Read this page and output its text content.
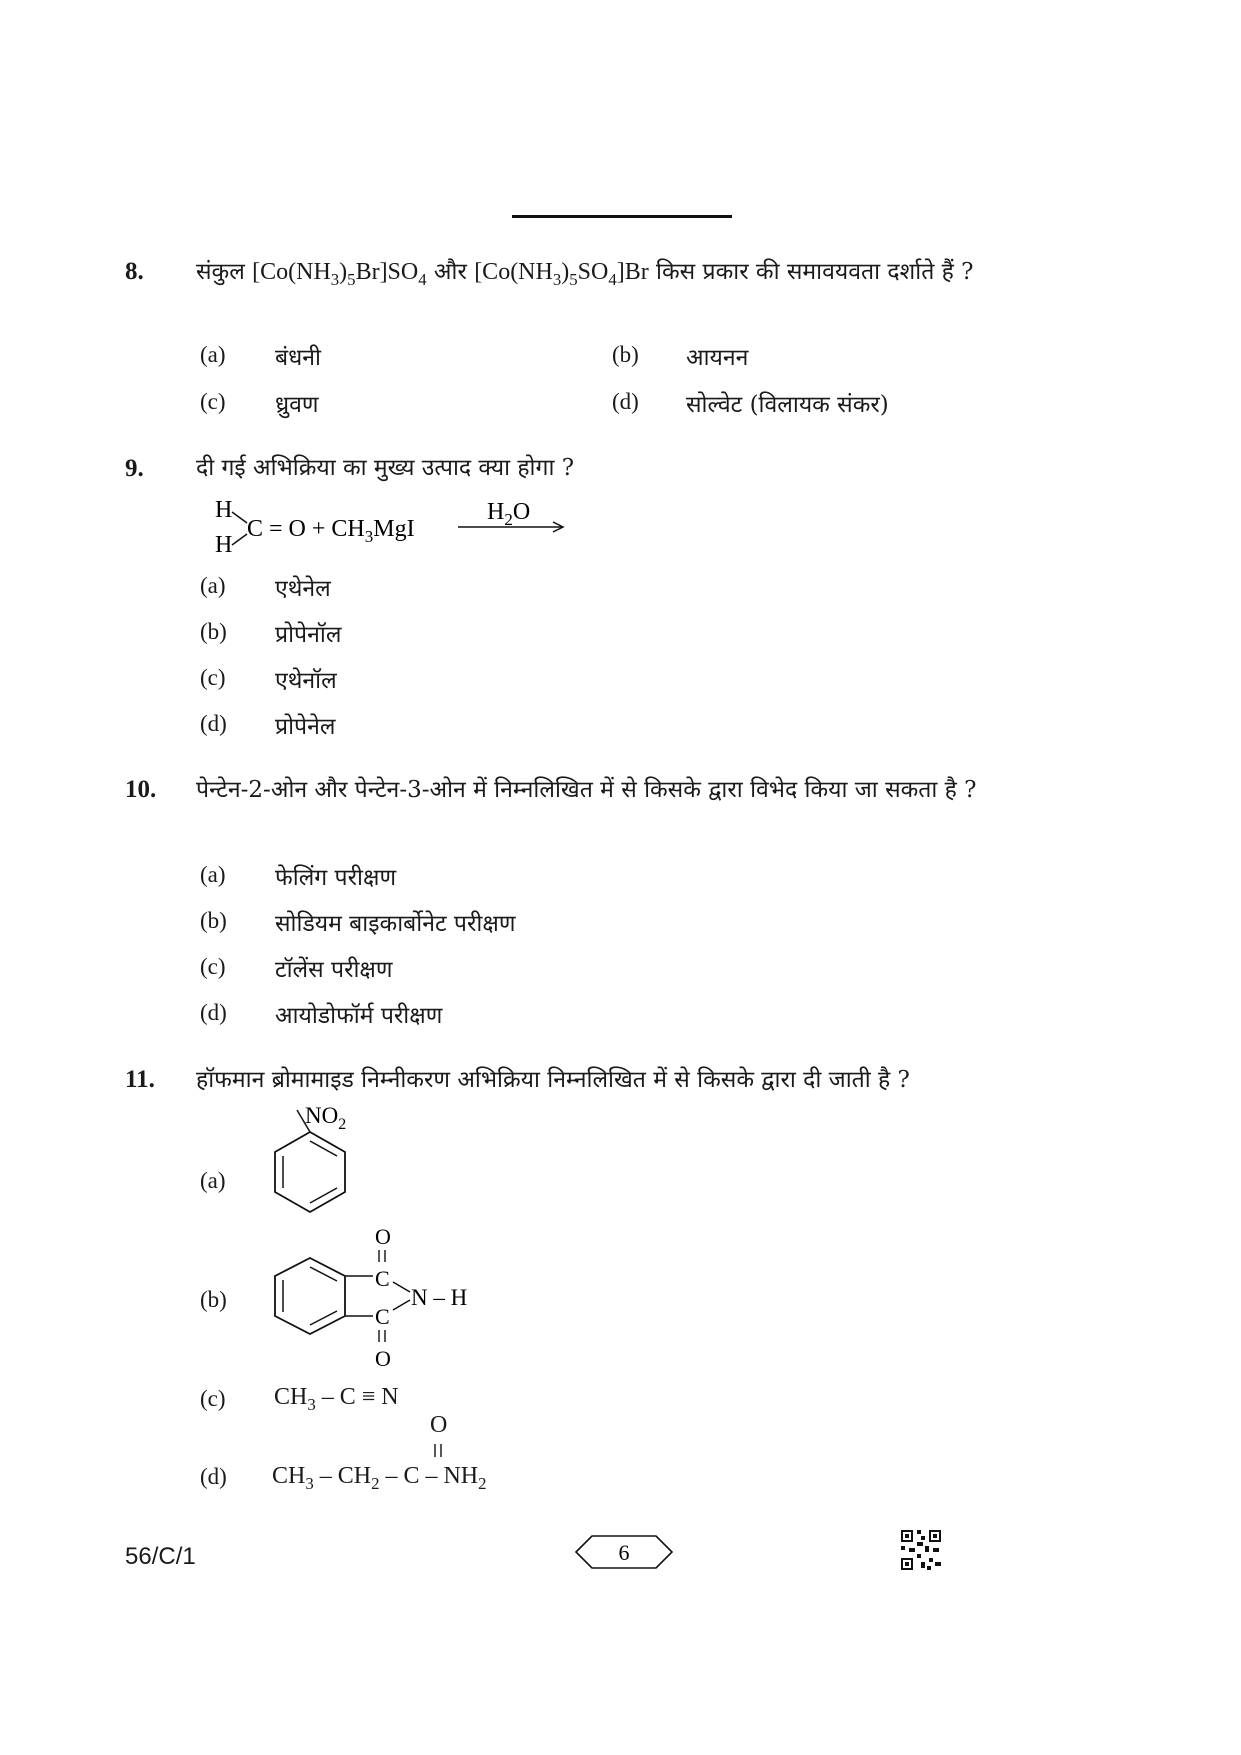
8. संकुल $[Co(NH_3)_5Br]SO_4$ और $[Co(NH_3)_5SO_4]Br$ किस प्रकार की समावयवता दर्शाते हैं ?
(a) बंधनी	(b) आयनन
(c) ध्रुवण	(d) सोल्वेट (विलायक संकर)
9. दी गई अभिक्रिया का मुख्य उत्पाद क्या होगा ?
H
H
$C = O + CH_3MgI$
$H_2O$
(a) एथेनेल
(b) प्रोपेनॉल
(c) एथेनॉल
(d) प्रोपेनेल
10. पेन्टेन-2-ओन और पेन्टेन-3-ओन में निम्नलिखित में से किसके द्वारा विभेद किया जा सकता है ?
(a) फेलिंग परीक्षण
(b) सोडियम बाइकार्बोनेट परीक्षण
(c) टॉलेंस परीक्षण
(d) आयोडोफॉर्म परीक्षण
11. हॉफमान ब्रोमामाइड निम्नीकरण अभिक्रिया निम्नलिखित में से किसके द्वारा दी जाती है ?
(a)
$NO_2$
(b)
O
C
N – H
C
O
(c) $CH_3 - C \equiv N$
(d)
O
$CH_3 - CH_2$ – C – $NH_2$
56/C/1	6
